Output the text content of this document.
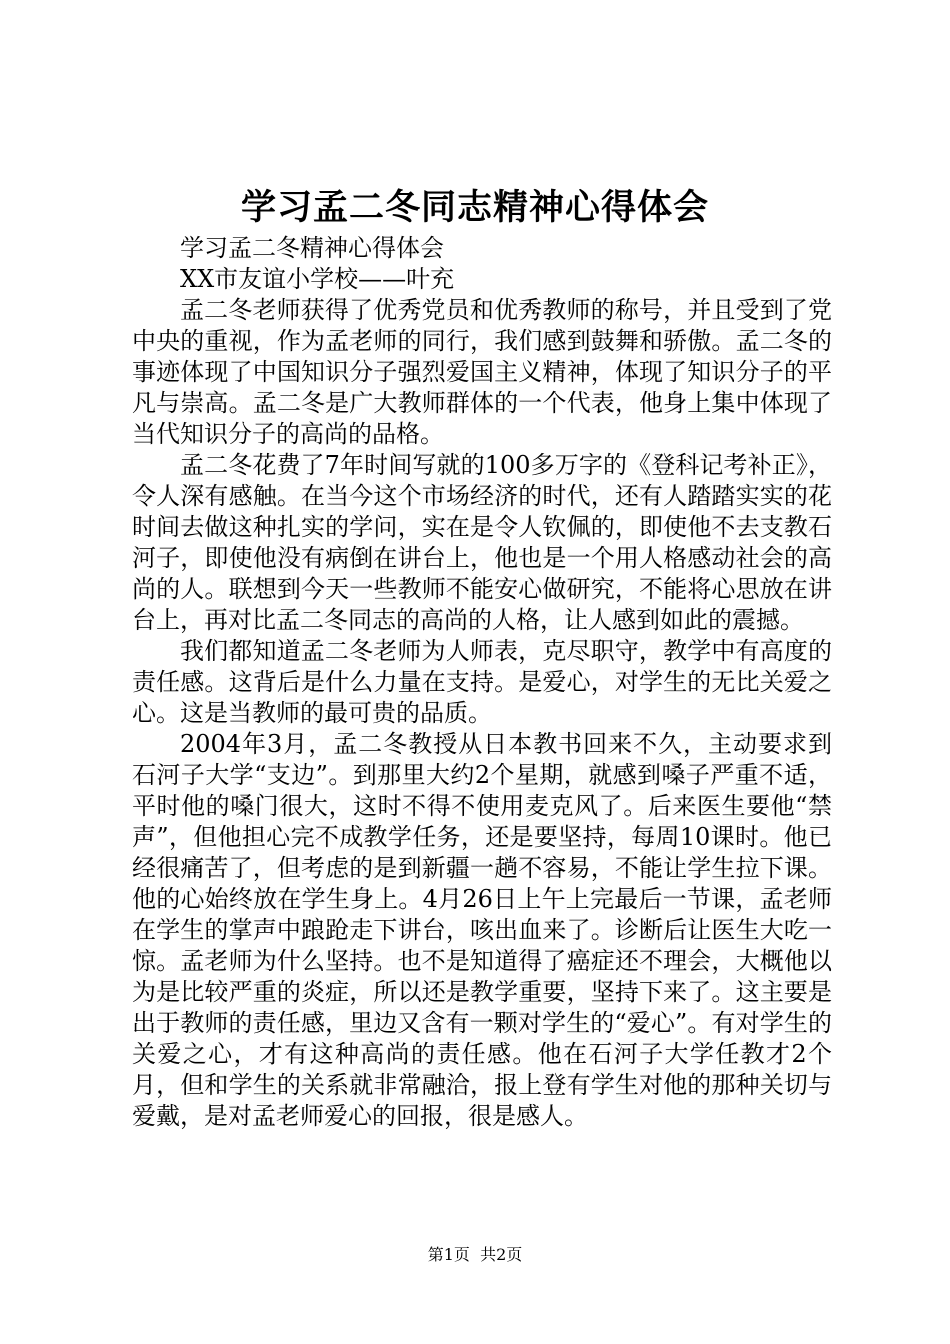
学习孟二冬同志精神心得体会

学习孟二冬精神心得体会

XX市友谊小学校——叶充

孟二冬老师获得了优秀党员和优秀教师的称号，并且受到了党中央的重视，作为孟老师的同行，我们感到鼓舞和骄傲。孟二冬的事迹体现了中国知识分子强烈爱国主义精神，体现了知识分子的平凡与崇高。孟二冬是广大教师群体的一个代表，他身上集中体现了当代知识分子的高尚的品格。

孟二冬花费了7年时间写就的100多万字的《登科记考补正》，令人深有感触。在当今这个市场经济的时代，还有人踏踏实实的花时间去做这种扎实的学问，实在是令人钦佩的，即使他不去支教石河子，即使他没有病倒在讲台上，他也是一个用人格感动社会的高尚的人。联想到今天一些教师不能安心做研究，不能将心思放在讲台上，再对比孟二冬同志的高尚的人格，让人感到如此的震撼。

我们都知道孟二冬老师为人师表，克尽职守，教学中有高度的责任感。这背后是什么力量在支持。是爱心，对学生的无比关爱之心。这是当教师的最可贵的品质。

2004年3月，孟二冬教授从日本教书回来不久，主动要求到石河子大学“支边”。到那里大约2个星期，就感到嗓子严重不适，平时他的嗓门很大，这时不得不使用麦克风了。后来医生要他“禁声”，但他担心完不成教学任务，还是要坚持，每周10课时。他已经很痛苦了，但考虑的是到新疆一趟不容易，不能让学生拉下课。他的心始终放在学生身上。4月26日上午上完最后一节课，孟老师在学生的掌声中踉跄走下讲台，咳出血来了。诊断后让医生大吃一惊。孟老师为什么坚持。也不是知道得了癌症还不理会，大概他以为是比较严重的炎症，所以还是教学重要，坚持下来了。这主要是出于教师的责任感，里边又含有一颗对学生的“爱心”。有对学生的关爱之心，才有这种高尚的责任感。他在石河子大学任教才2个月，但和学生的关系就非常融洽，报上登有学生对他的那种关切与爱戴，是对孟老师爱心的回报，很是感人。

第1页 共2页
